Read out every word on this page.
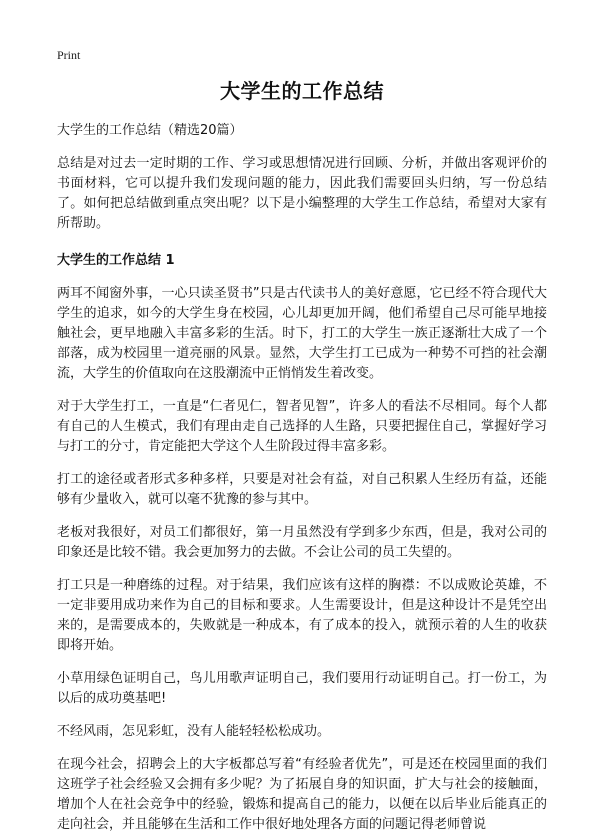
Print
大学生的工作总结
大学生的工作总结（精选20篇）

总结是对过去一定时期的工作、学习或思想情况进行回顾、分析，并做出客观评价的书面材料，它可以提升我们发现问题的能力，因此我们需要回头归纳，写一份总结了。如何把总结做到重点突出呢？以下是小编整理的大学生工作总结，希望对大家有所帮助。

大学生的工作总结 1

两耳不闻窗外事，一心只读圣贤书”只是古代读书人的美好意愿，它已经不符合现代大学生的追求，如今的大学生身在校园，心儿却更加开阔，他们希望自己尽可能早地接触社会，更早地融入丰富多彩的生活。时下，打工的大学生一族正逐渐壮大成了一个部落，成为校园里一道亮丽的风景。显然，大学生打工已成为一种势不可挡的社会潮流，大学生的价值取向在这股潮流中正悄悄发生着改变。

对于大学生打工，一直是“仁者见仁，智者见智”，许多人的看法不尽相同。每个人都有自己的人生模式，我们有理由走自己选择的人生路，只要把握住自己，掌握好学习与打工的分寸，肯定能把大学这个人生阶段过得丰富多彩。

打工的途径或者形式多种多样，只要是对社会有益，对自己积累人生经历有益，还能够有少量收入，就可以毫不犹豫的参与其中。

老板对我很好，对员工们都很好，第一月虽然没有学到多少东西，但是，我对公司的印象还是比较不错。我会更加努力的去做。不会让公司的员工失望的。

打工只是一种磨练的过程。对于结果，我们应该有这样的胸襟：不以成败论英雄，不一定非要用成功来作为自己的目标和要求。人生需要设计，但是这种设计不是凭空出来的，是需要成本的，失败就是一种成本，有了成本的投入，就预示着的人生的收获即将开始。

小草用绿色证明自己，鸟儿用歌声证明自己，我们要用行动证明自己。打一份工，为以后的成功奠基吧!

不经风雨，怎见彩虹，没有人能轻轻松松成功。

在现今社会，招聘会上的大字板都总写着“有经验者优先”，可是还在校园里面的我们这班学子社会经验又会拥有多少呢？为了拓展自身的知识面，扩大与社会的接触面，增加个人在社会竞争中的经验，锻炼和提高自己的能力，以便在以后毕业后能真正的走向社会，并且能够在生活和工作中很好地处理各方面的问题记得老师曾说
